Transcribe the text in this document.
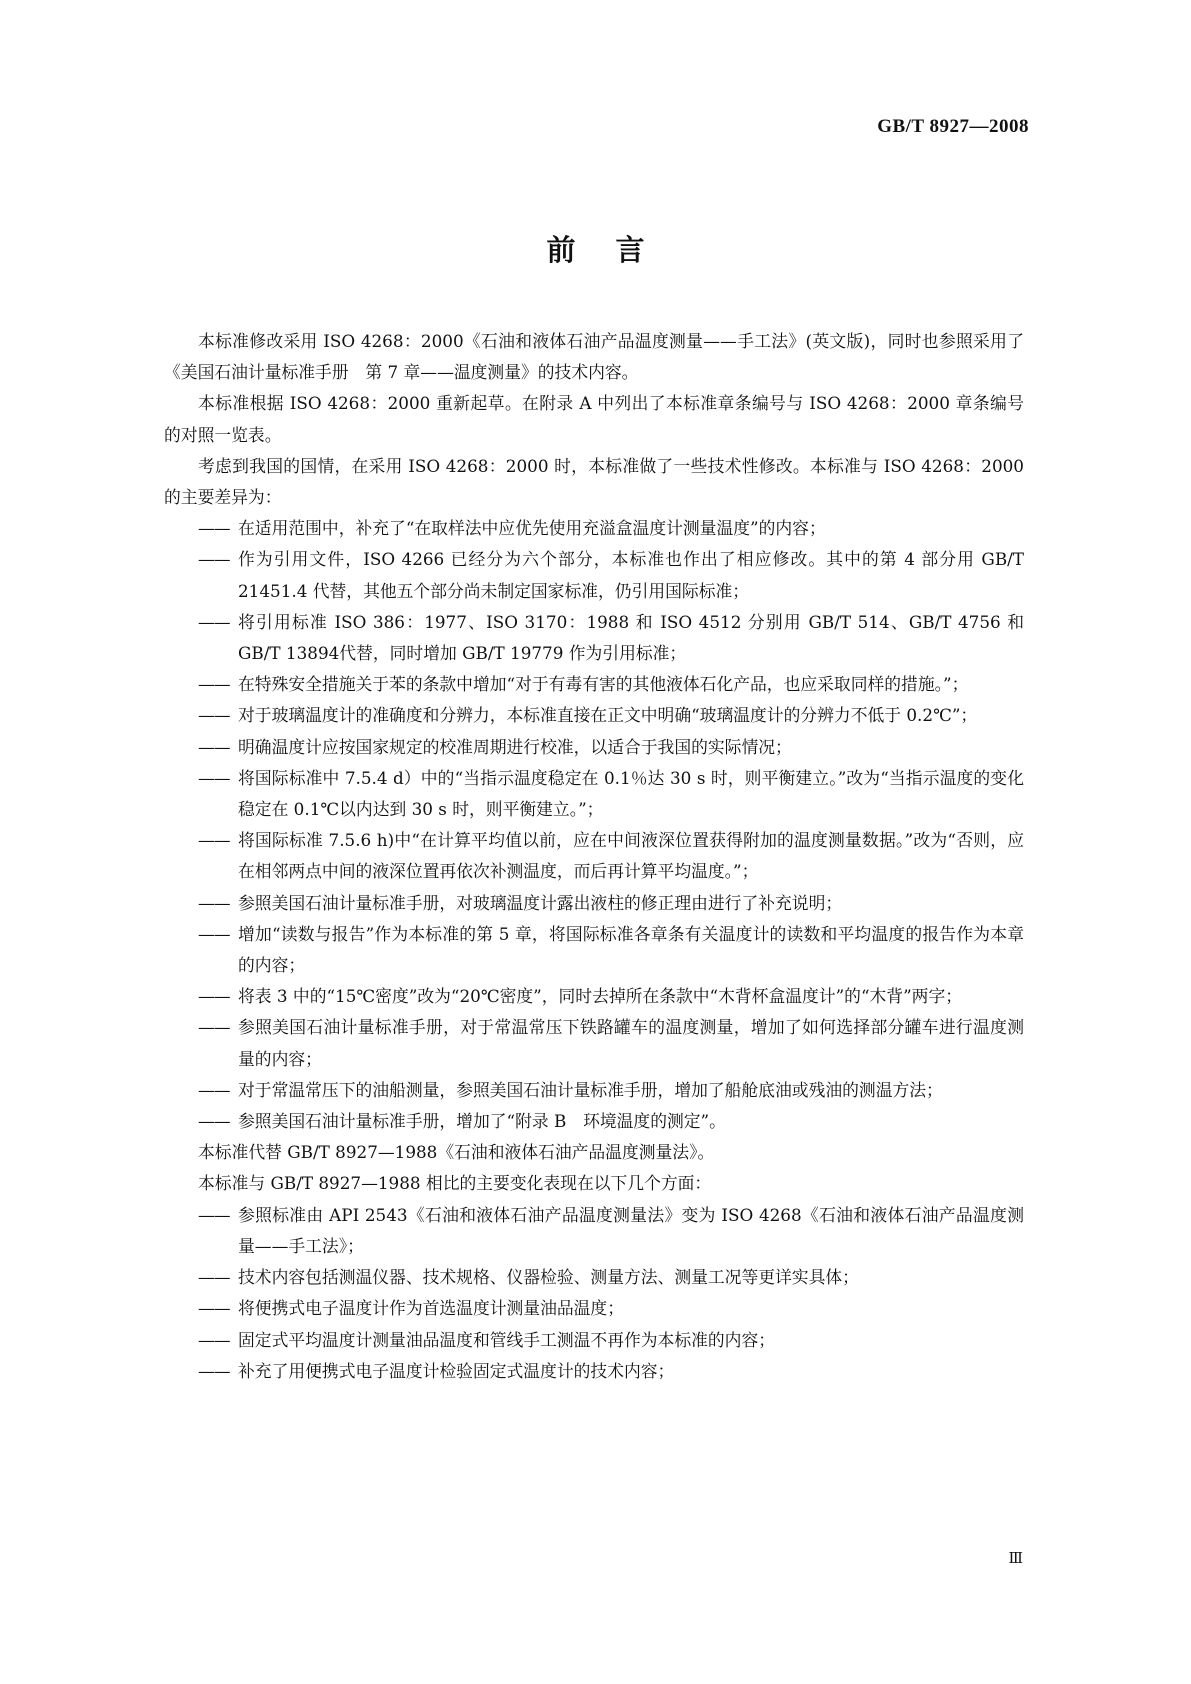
GB/T 8927—2008
前言

本标准修改采用 ISO 4268：2000《石油和液体石油产品温度测量——手工法》(英文版)，同时也参照采用了《美国石油计量标准手册　第 7 章——温度测量》的技术内容。

本标准根据 ISO 4268：2000 重新起草。在附录 A 中列出了本标准章条编号与 ISO 4268：2000 章条编号的对照一览表。

考虑到我国的国情，在采用 ISO 4268：2000 时，本标准做了一些技术性修改。本标准与 ISO 4268：2000 的主要差异为：

—— 在适用范围中，补充了“在取样法中应优先使用充溢盒温度计测量温度”的内容；

—— 作为引用文件，ISO 4266 已经分为六个部分，本标准也作出了相应修改。其中的第 4 部分用 GB/T 21451.4 代替，其他五个部分尚未制定国家标准，仍引用国际标准；

—— 将引用标准 ISO 386：1977、ISO 3170：1988 和 ISO 4512 分别用 GB/T 514、GB/T 4756 和 GB/T 13894代替，同时增加 GB/T 19779 作为引用标准；

—— 在特殊安全措施关于苯的条款中增加“对于有毒有害的其他液体石化产品，也应采取同样的措施。”；

—— 对于玻璃温度计的准确度和分辨力，本标准直接在正文中明确“玻璃温度计的分辨力不低于 0.2℃”；

—— 明确温度计应按国家规定的校准周期进行校准，以适合于我国的实际情况；

—— 将国际标准中 7.5.4 d）中的“当指示温度稳定在 0.1％达 30 s 时，则平衡建立。”改为“当指示温度的变化稳定在 0.1℃以内达到 30 s 时，则平衡建立。”；

—— 将国际标准 7.5.6 h)中“在计算平均值以前，应在中间液深位置获得附加的温度测量数据。”改为“否则，应在相邻两点中间的液深位置再依次补测温度，而后再计算平均温度。”；

—— 参照美国石油计量标准手册，对玻璃温度计露出液柱的修正理由进行了补充说明；

—— 增加“读数与报告”作为本标准的第 5 章，将国际标准各章条有关温度计的读数和平均温度的报告作为本章的内容；

—— 将表 3 中的“15℃密度”改为“20℃密度”，同时去掉所在条款中“木背杯盒温度计”的“木背”两字；

—— 参照美国石油计量标准手册，对于常温常压下铁路罐车的温度测量，增加了如何选择部分罐车进行温度测量的内容；

—— 对于常温常压下的油船测量，参照美国石油计量标准手册，增加了船舱底油或残油的测温方法；

—— 参照美国石油计量标准手册，增加了“附录 B　环境温度的测定”。

本标准代替 GB/T 8927—1988《石油和液体石油产品温度测量法》。

本标准与 GB/T 8927—1988 相比的主要变化表现在以下几个方面：

—— 参照标准由 API 2543《石油和液体石油产品温度测量法》变为 ISO 4268《石油和液体石油产品温度测量——手工法》；

—— 技术内容包括测温仪器、技术规格、仪器检验、测量方法、测量工况等更详实具体；

—— 将便携式电子温度计作为首选温度计测量油品温度；

—— 固定式平均温度计测量油品温度和管线手工测温不再作为本标准的内容；

—— 补充了用便携式电子温度计检验固定式温度计的技术内容；

Ⅲ
